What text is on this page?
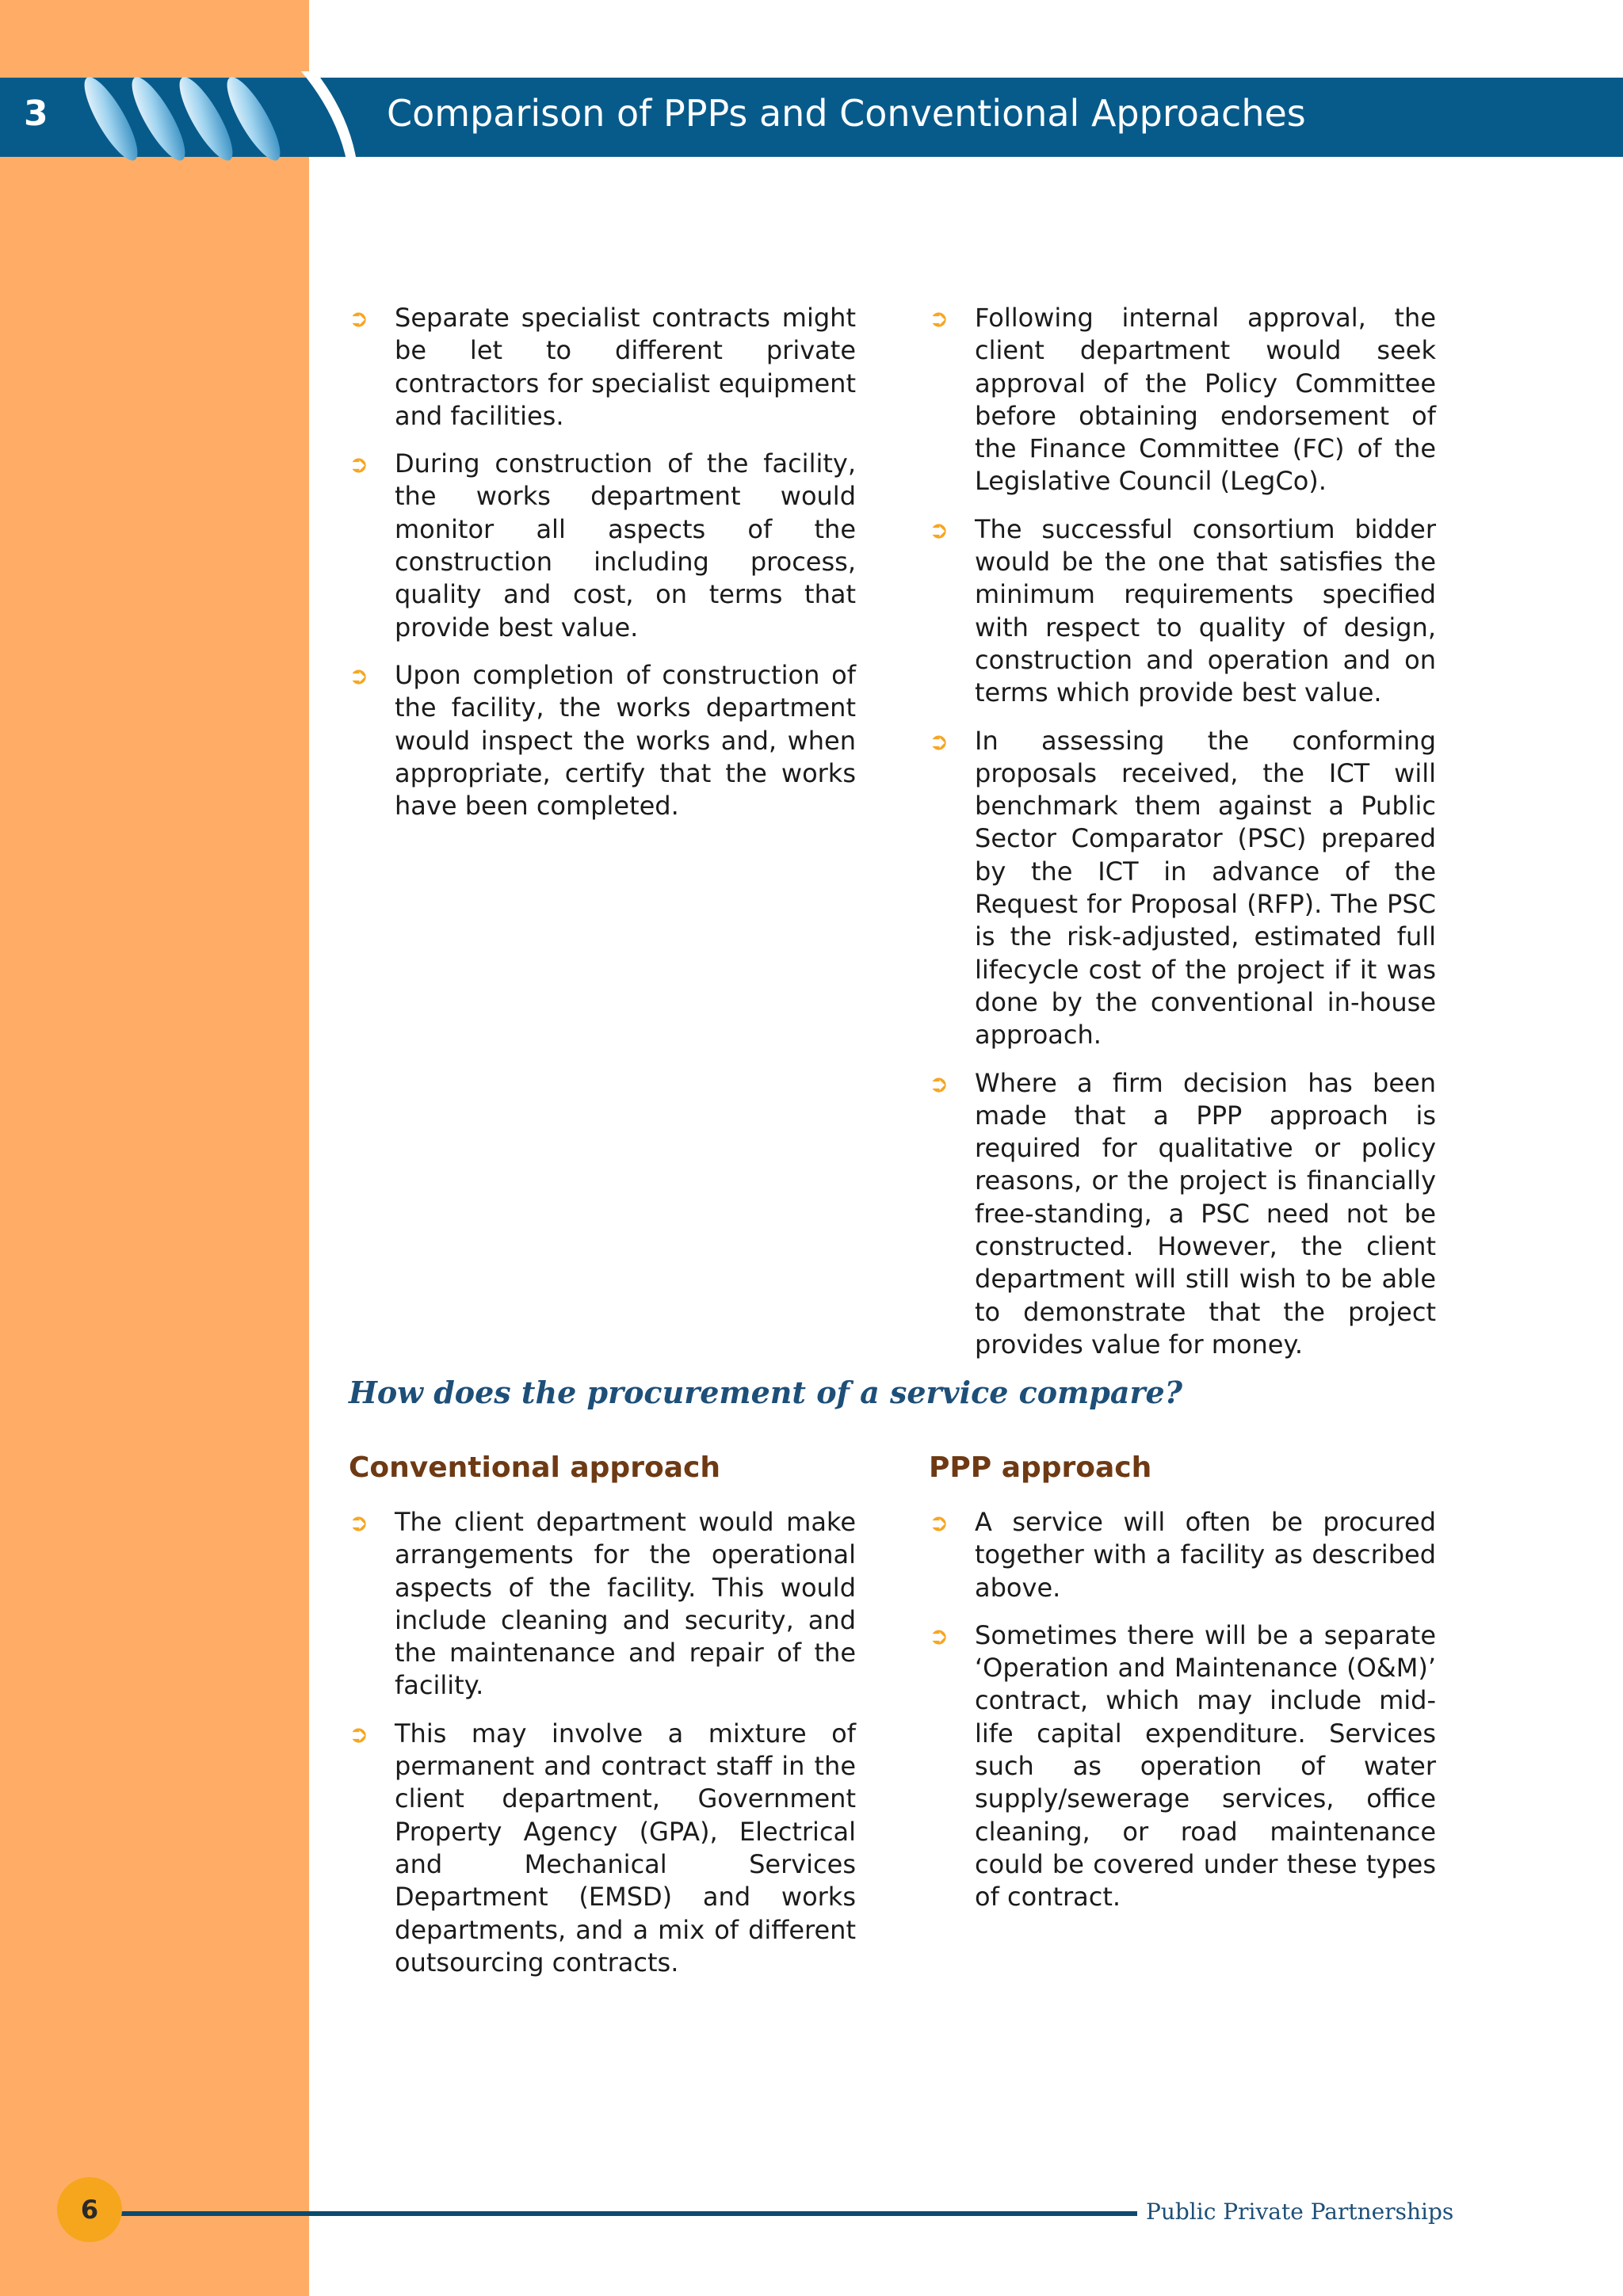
3	Comparison of PPPs and Conventional Approaches
➲ Separate specialist contracts might be let to different private contractors for specialist equipment and facilities.
➲ During construction of the facility, the works department would monitor all aspects of the construction including process, quality and cost, on terms that provide best value.
➲ Upon completion of construction of the facility, the works department would inspect the works and, when appropriate, certify that the works have been completed.
➲ Following internal approval, the client department would seek approval of the Policy Committee before obtaining endorsement of the Finance Committee (FC) of the Legislative Council (LegCo).
➲ The successful consortium bidder would be the one that satisfies the minimum requirements specified with respect to quality of design, construction and operation and on terms which provide best value.
➲ In assessing the conforming proposals received, the ICT will benchmark them against a Public Sector Comparator (PSC) prepared by the ICT in advance of the Request for Proposal (RFP). The PSC is the risk-adjusted, estimated full lifecycle cost of the project if it was done by the conventional in-house approach.
➲ Where a firm decision has been made that a PPP approach is required for qualitative or policy reasons, or the project is financially free-standing, a PSC need not be constructed. However, the client department will still wish to be able to demonstrate that the project provides value for money.
How does the procurement of a service compare?
Conventional approach	PPP approach
➲ The client department would make arrangements for the operational aspects of the facility. This would include cleaning and security, and the maintenance and repair of the facility.
➲ This may involve a mixture of permanent and contract staff in the client department, Government Property Agency (GPA), Electrical and Mechanical Services Department (EMSD) and works departments, and a mix of different outsourcing contracts.
➲ A service will often be procured together with a facility as described above.
➲ Sometimes there will be a separate ‘Operation and Maintenance (O&M)’ contract, which may include mid-life capital expenditure. Services such as operation of water supply/sewerage services, office cleaning, or road maintenance could be covered under these types of contract.
6	Public Private Partnerships
